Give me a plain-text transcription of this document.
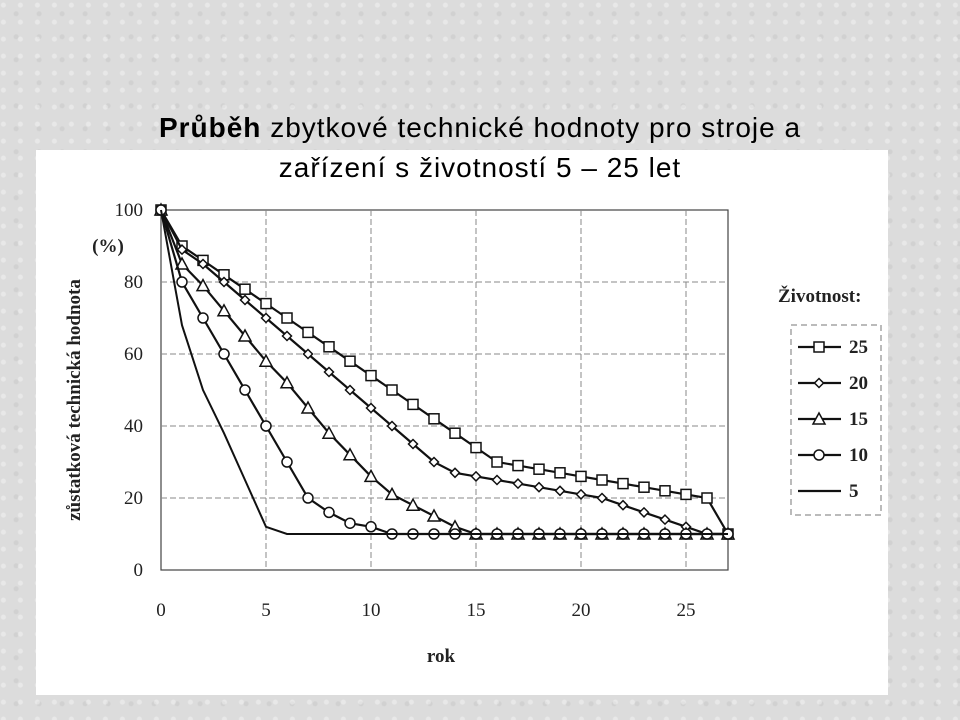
Průběh zbytkové technické hodnoty pro stroje a
zařízení s životností 5 – 25 let
0
20
40
60
80
100
0	5	10	15	20	25
Životnost:
25
20
15
10
5
zůstatková technická hodnota
(%)
rok
